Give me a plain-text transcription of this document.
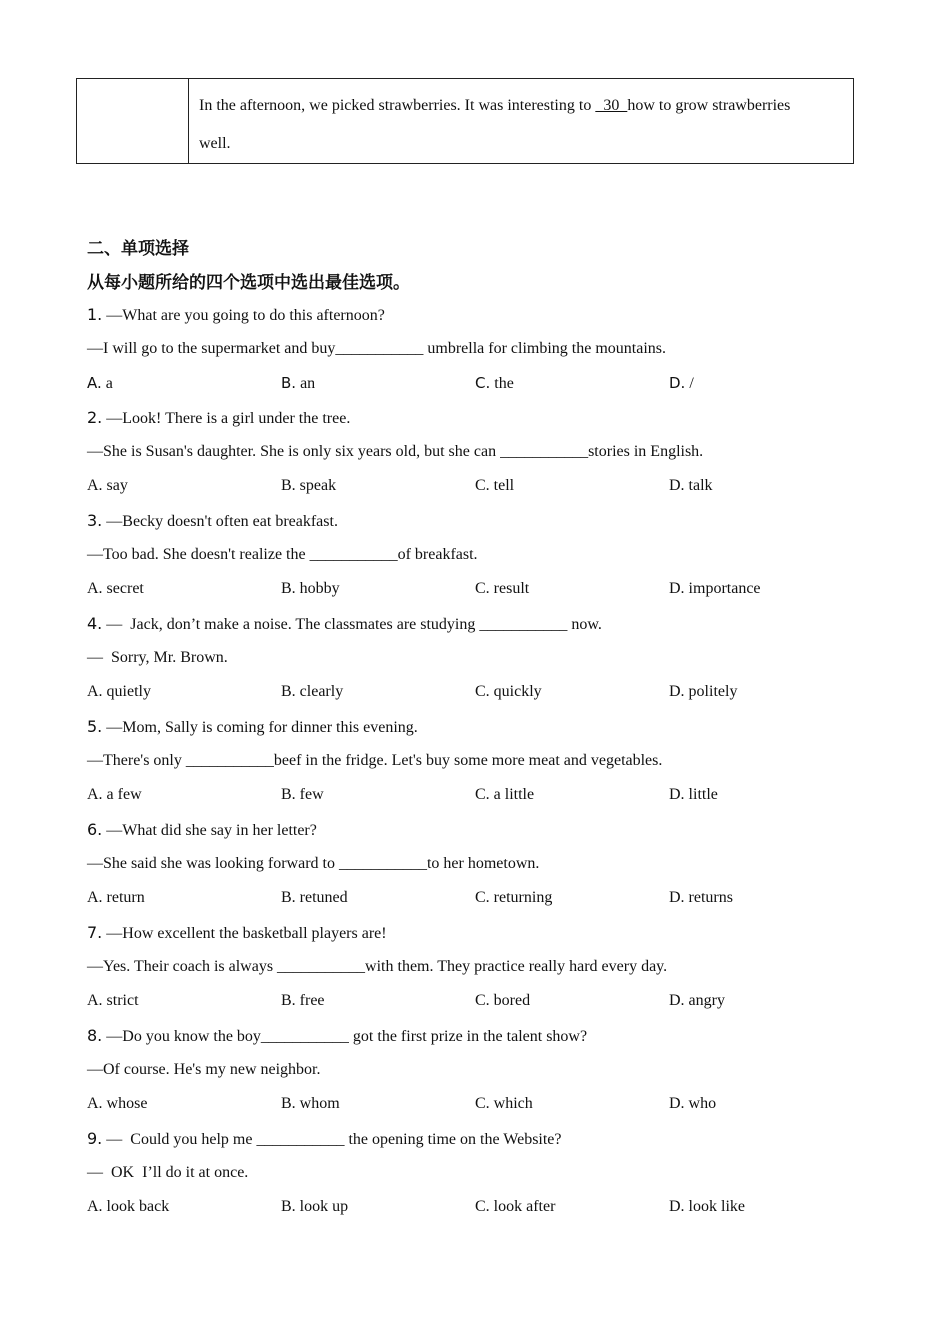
In the afternoon, we picked strawberries. It was interesting to   30  how to grow strawberries
well.
二、单项选择
从每小题所给的四个选项中选出最佳选项。
1. —What are you going to do this afternoon?
—I will go to the supermarket and buy___________ umbrella for climbing the mountains.
A. a	B. an	C. the	D. /
2. —Look! There is a girl under the tree.
—She is Susan's daughter. She is only six years old, but she can ___________stories in English.
A. say	B. speak	C. tell	D. talk
3. —Becky doesn't often eat breakfast.
—Too bad. She doesn't realize the ___________of breakfast.
A. secret	B. hobby	C. result	D. importance
4. —  Jack, don’t make a noise. The classmates are studying ___________ now.
—  Sorry, Mr. Brown.
A. quietly	B. clearly	C. quickly	D. politely
5. —Mom, Sally is coming for dinner this evening.
—There's only ___________beef in the fridge. Let's buy some more meat and vegetables.
A. a few	B. few	C. a little	D. little
6. —What did she say in her letter?
—She said she was looking forward to ___________to her hometown.
A. return	B. retuned	C. returning	D. returns
7. —How excellent the basketball players are!
—Yes. Their coach is always ___________with them. They practice really hard every day.
A. strict	B. free	C. bored	D. angry
8. —Do you know the boy___________ got the first prize in the talent show?
—Of course. He's my new neighbor.
A. whose	B. whom	C. which	D. who
9. —  Could you help me ___________ the opening time on the Website?
—  OK  I’ll do it at once.
A. look back	B. look up	C. look after	D. look like
